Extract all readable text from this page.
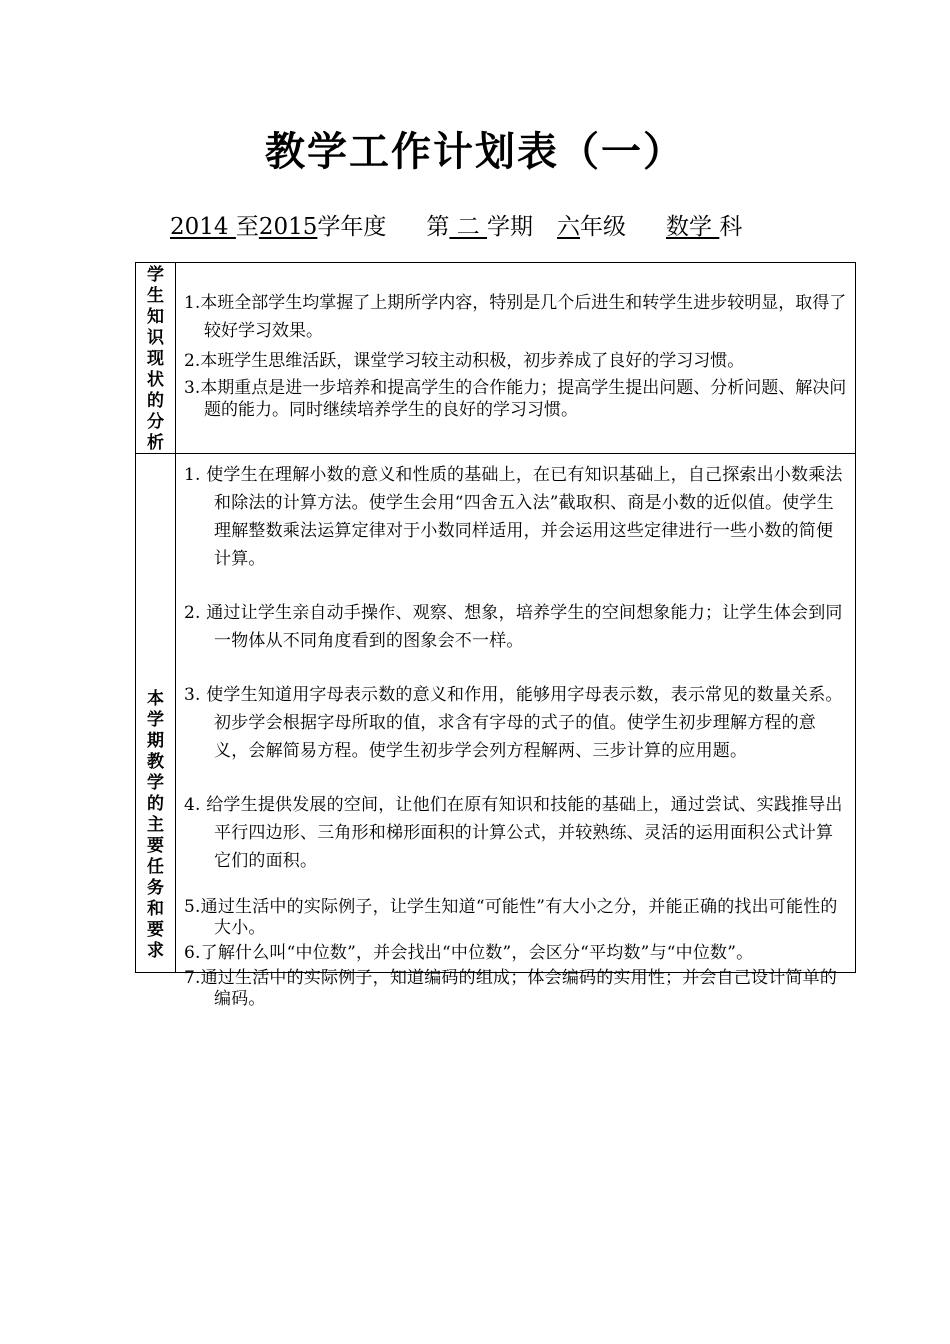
教学工作计划表（一）
2014 至2015学年度 第 二 学期 六年级 数学 科
学生知识现状的分析
1.本班全部学生均掌握了上期所学内容，特别是几个后进生和转学生进步较明显，取得了较好学习效果。
2.本班学生思维活跃，课堂学习较主动积极，初步养成了良好的学习习惯。
3.本期重点是进一步培养和提高学生的合作能力；提高学生提出问题、分析问题、解决问题的能力。同时继续培养学生的良好的学习习惯。
本学期教学的主要任务和要求
1. 使学生在理解小数的意义和性质的基础上，在已有知识基础上，自己探索出小数乘法和除法的计算方法。使学生会用“四舍五入法”截取积、商是小数的近似值。使学生理解整数乘法运算定律对于小数同样适用，并会运用这些定律进行一些小数的简便计算。
2. 通过让学生亲自动手操作、观察、想象，培养学生的空间想象能力；让学生体会到同一物体从不同角度看到的图象会不一样。
3. 使学生知道用字母表示数的意义和作用，能够用字母表示数，表示常见的数量关系。初步学会根据字母所取的值，求含有字母的式子的值。使学生初步理解方程的意义，会解简易方程。使学生初步学会列方程解两、三步计算的应用题。
4. 给学生提供发展的空间，让他们在原有知识和技能的基础上，通过尝试、实践推导出平行四边形、三角形和梯形面积的计算公式，并较熟练、灵活的运用面积公式计算它们的面积。
5.通过生活中的实际例子，让学生知道“可能性”有大小之分，并能正确的找出可能性的大小。
6.了解什么叫“中位数”，并会找出“中位数”，会区分“平均数”与“中位数”。
7.通过生活中的实际例子，知道编码的组成；体会编码的实用性；并会自己设计简单的编码。
